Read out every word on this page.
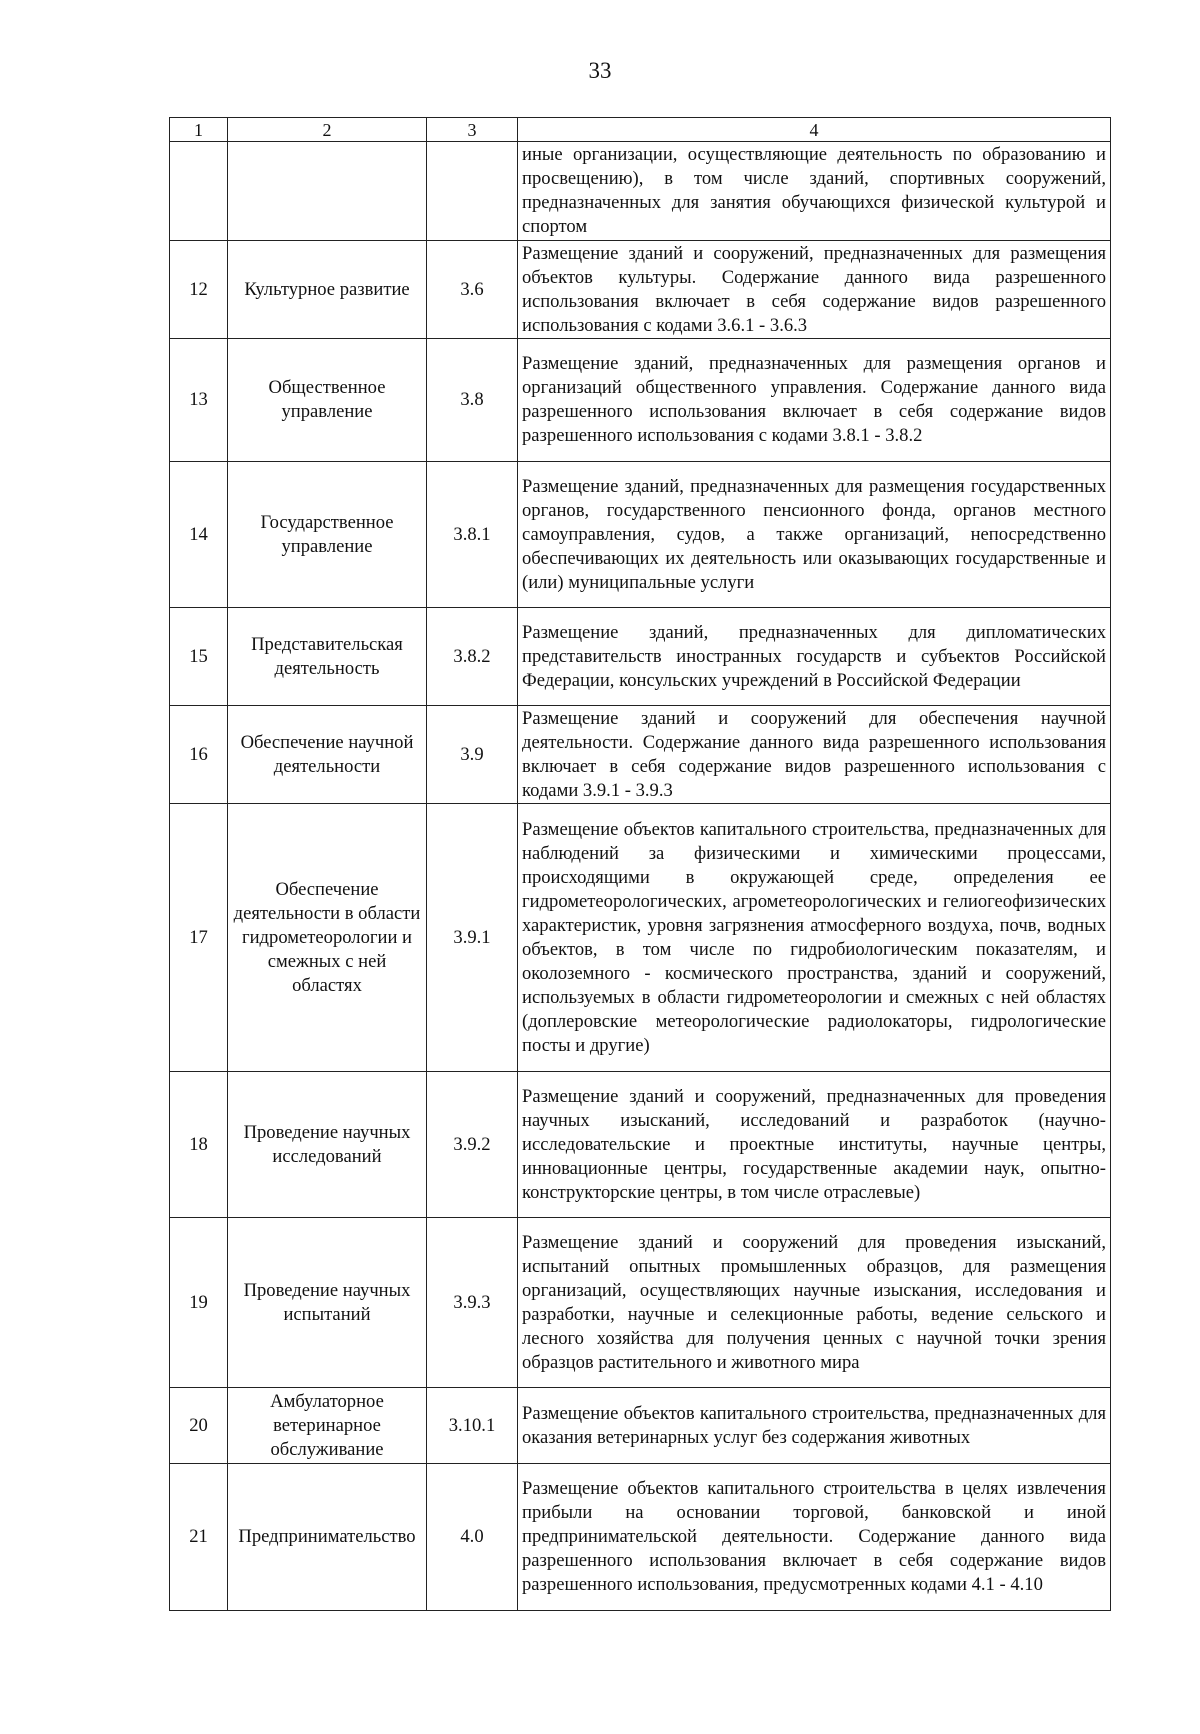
33
1	2	3	4
			иные организации, осуществляющие деятельность по образованию и просвещению), в том числе зданий, спортивных сооружений, предназначенных для занятия обучающихся физической культурой и спортом
12	Культурное развитие	3.6	Размещение зданий и сооружений, предназначенных для размещения объектов культуры. Содержание данного вида разрешенного использования включает в себя содержание видов разрешенного использования с кодами 3.6.1 - 3.6.3
13	Общественное управление	3.8	Размещение зданий, предназначенных для размещения органов и организаций общественного управления. Содержание данного вида разрешенного использования включает в себя содержание видов разрешенного использования с кодами 3.8.1 - 3.8.2
14	Государственное управление	3.8.1	Размещение зданий, предназначенных для размещения государственных органов, государственного пенсионного фонда, органов местного самоуправления, судов, а также организаций, непосредственно обеспечивающих их деятельность или оказывающих государственные и (или) муниципальные услуги
15	Представительская деятельность	3.8.2	Размещение зданий, предназначенных для дипломатических представительств иностранных государств и субъектов Российской Федерации, консульских учреждений в Российской Федерации
16	Обеспечение научной деятельности	3.9	Размещение зданий и сооружений для обеспечения научной деятельности. Содержание данного вида разрешенного использования включает в себя содержание видов разрешенного использования с кодами 3.9.1 - 3.9.3
17	Обеспечение деятельности в области гидрометеорологии и смежных с ней областях	3.9.1	Размещение объектов капитального строительства, предназначенных для наблюдений за физическими и химическими процессами, происходящими в окружающей среде, определения ее гидрометеорологических, агрометеорологических и гелиогеофизических характеристик, уровня загрязнения атмосферного воздуха, почв, водных объектов, в том числе по гидробиологическим показателям, и околоземного - космического пространства, зданий и сооружений, используемых в области гидрометеорологии и смежных с ней областях (доплеровские метеорологические радиолокаторы, гидрологические посты и другие)
18	Проведение научных исследований	3.9.2	Размещение зданий и сооружений, предназначенных для проведения научных изысканий, исследований и разработок (научно-исследовательские и проектные институты, научные центры, инновационные центры, государственные академии наук, опытно-конструкторские центры, в том числе отраслевые)
19	Проведение научных испытаний	3.9.3	Размещение зданий и сооружений для проведения изысканий, испытаний опытных промышленных образцов, для размещения организаций, осуществляющих научные изыскания, исследования и разработки, научные и селекционные работы, ведение сельского и лесного хозяйства для получения ценных с научной точки зрения образцов растительного и животного мира
20	Амбулаторное ветеринарное обслуживание	3.10.1	Размещение объектов капитального строительства, предназначенных для оказания ветеринарных услуг без содержания животных
21	Предпринимательство	4.0	Размещение объектов капитального строительства в целях извлечения прибыли на основании торговой, банковской и иной предпринимательской деятельности. Содержание данного вида разрешенного использования включает в себя содержание видов разрешенного использования, предусмотренных кодами 4.1 - 4.10
